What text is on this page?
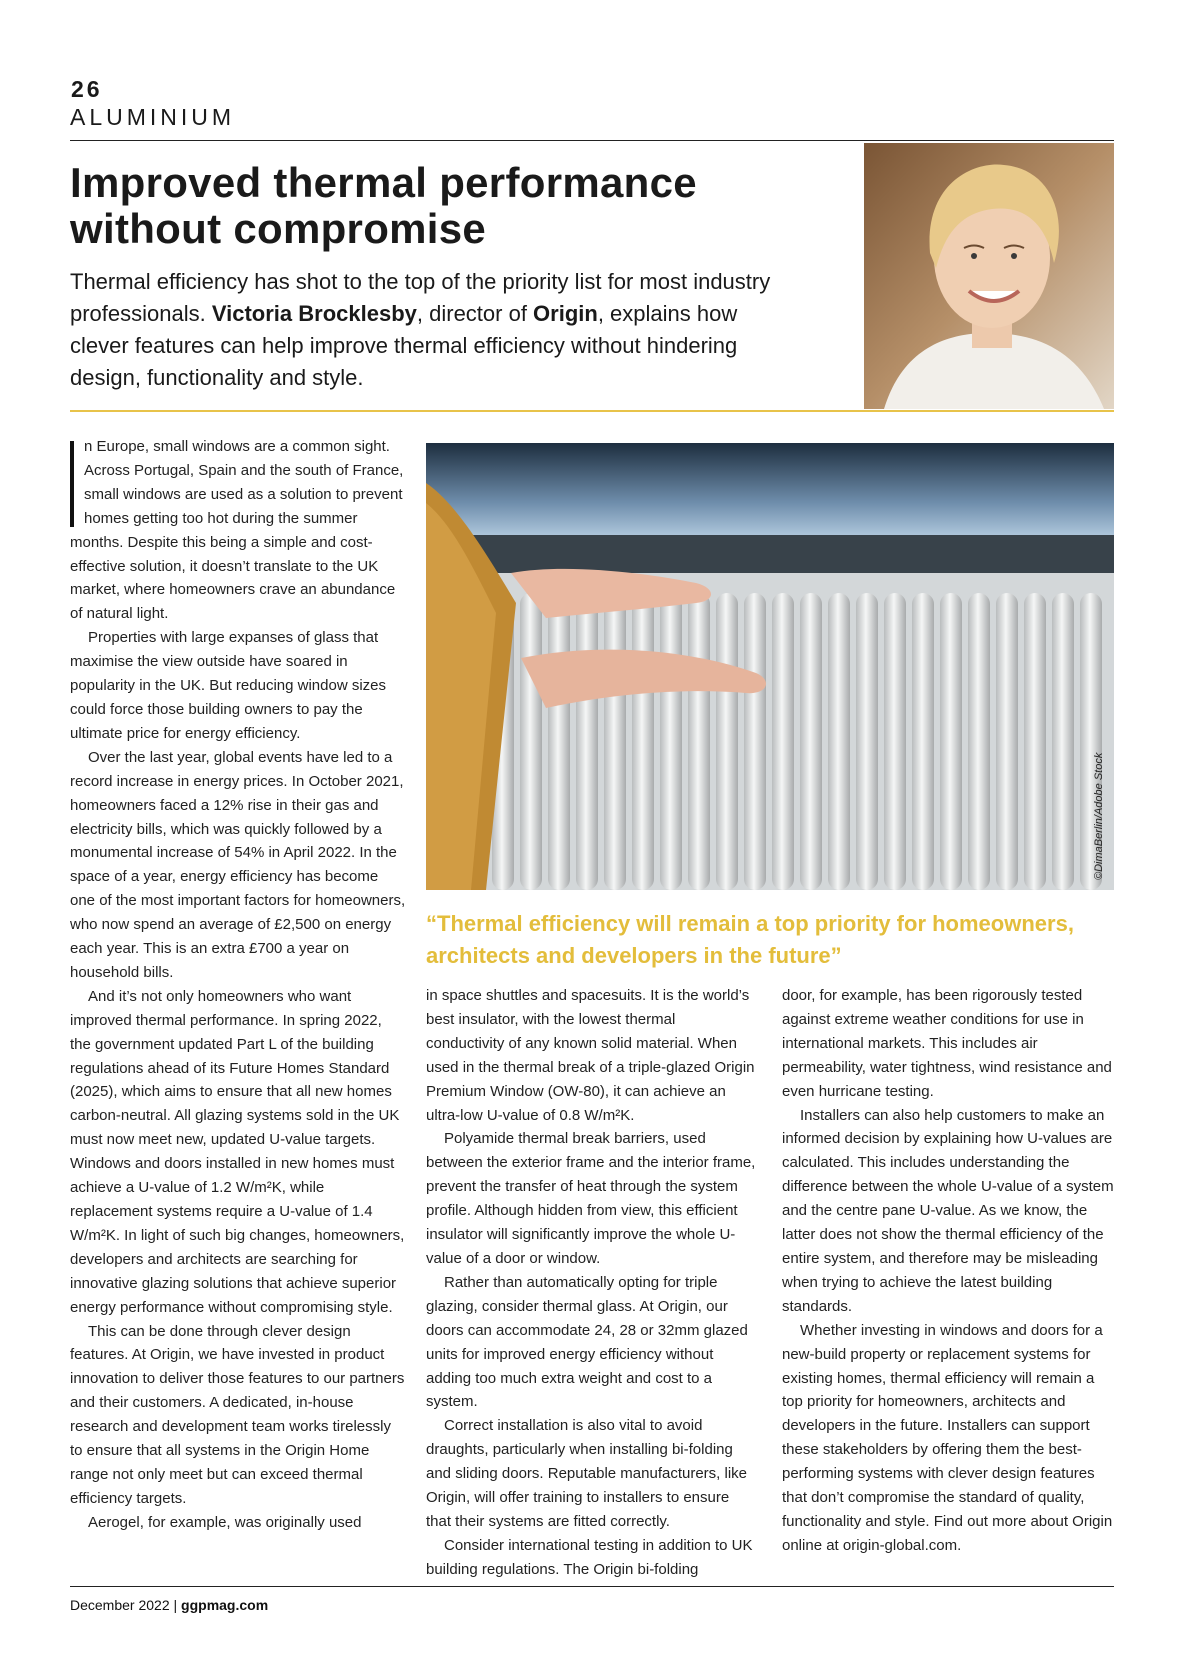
26
ALUMINIUM
Improved thermal performance without compromise

Thermal efficiency has shot to the top of the priority list for most industry professionals. Victoria Brocklesby, director of Origin, explains how clever features can help improve thermal efficiency without hindering design, functionality and style.

©DimaBerlin/Adobe Stock

“Thermal efficiency will remain a top priority for homeowners, architects and developers in the future”

n Europe, small windows are a common sight. Across Portugal, Spain and the south of France, small windows are used as a solution to prevent homes getting too hot during the summer months. Despite this being a simple and cost-effective solution, it doesn’t translate to the UK market, where homeowners crave an abundance of natural light.

Properties with large expanses of glass that maximise the view outside have soared in popularity in the UK. But reducing window sizes could force those building owners to pay the ultimate price for energy efficiency.

Over the last year, global events have led to a record increase in energy prices. In October 2021, homeowners faced a 12% rise in their gas and electricity bills, which was quickly followed by a monumental increase of 54% in April 2022. In the space of a year, energy efficiency has become one of the most important factors for homeowners, who now spend an average of £2,500 on energy each year. This is an extra £700 a year on household bills.

And it’s not only homeowners who want improved thermal performance. In spring 2022, the government updated Part L of the building regulations ahead of its Future Homes Standard (2025), which aims to ensure that all new homes carbon-neutral. All glazing systems sold in the UK must now meet new, updated U-value targets. Windows and doors installed in new homes must achieve a U-value of 1.2 W/m²K, while replacement systems require a U-value of 1.4 W/m²K. In light of such big changes, homeowners, developers and architects are searching for innovative glazing solutions that achieve superior energy performance without compromising style.

This can be done through clever design features. At Origin, we have invested in product innovation to deliver those features to our partners and their customers. A dedicated, in-house research and development team works tirelessly to ensure that all systems in the Origin Home range not only meet but can exceed thermal efficiency targets.

Aerogel, for example, was originally used

in space shuttles and spacesuits. It is the world’s best insulator, with the lowest thermal conductivity of any known solid material. When used in the thermal break of a triple-glazed Origin Premium Window (OW-80), it can achieve an ultra-low U-value of 0.8 W/m²K.

Polyamide thermal break barriers, used between the exterior frame and the interior frame, prevent the transfer of heat through the system profile. Although hidden from view, this efficient insulator will significantly improve the whole U-value of a door or window.

Rather than automatically opting for triple glazing, consider thermal glass. At Origin, our doors can accommodate 24, 28 or 32mm glazed units for improved energy efficiency without adding too much extra weight and cost to a system.

Correct installation is also vital to avoid draughts, particularly when installing bi-folding and sliding doors. Reputable manufacturers, like Origin, will offer training to installers to ensure that their systems are fitted correctly.

Consider international testing in addition to UK building regulations. The Origin bi-folding

door, for example, has been rigorously tested against extreme weather conditions for use in international markets. This includes air permeability, water tightness, wind resistance and even hurricane testing.

Installers can also help customers to make an informed decision by explaining how U-values are calculated. This includes understanding the difference between the whole U-value of a system and the centre pane U-value. As we know, the latter does not show the thermal efficiency of the entire system, and therefore may be misleading when trying to achieve the latest building standards.

Whether investing in windows and doors for a new-build property or replacement systems for existing homes, thermal efficiency will remain a top priority for homeowners, architects and developers in the future. Installers can support these stakeholders by offering them the best-performing systems with clever design features that don’t compromise the standard of quality, functionality and style. Find out more about Origin online at origin-global.com.

December 2022 | ggpmag.com
